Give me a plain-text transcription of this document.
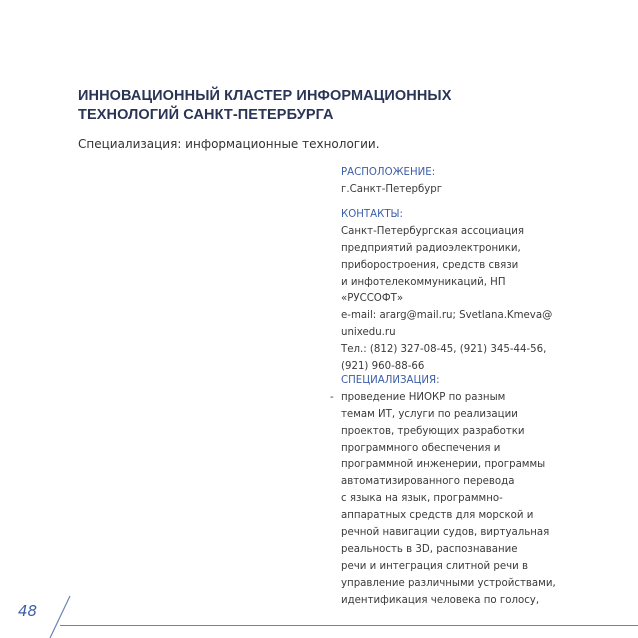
ИННОВАЦИОННЫЙ КЛАСТЕР ИНФОРМАЦИОННЫХ
ТЕХНОЛОГИЙ САНКТ-ПЕТЕРБУРГА
Специализация: информационные технологии.
РАСПОЛОЖЕНИЕ:
г.Санкт-Петербург
КОНТАКТЫ:
Санкт-Петербургская ассоциация
предприятий радиоэлектроники,
приборостроения, средств связи
и инфотелекоммуникаций, НП
«РУССОФТ»
e-mail: ararg@mail.ru; Svetlana.Kmeva@
unixedu.ru
Тел.: (812) 327-08-45, (921) 345-44-56,
(921) 960-88-66
-
СПЕЦИАЛИЗАЦИЯ:
проведение НИОКР по разным
темам ИТ, услуги по реализации
проектов, требующих разработки
программного обеспечения и
программной инженерии, программы
автоматизированного перевода
с языка на язык, программно-
аппаратных средств для морской и
речной навигации судов, виртуальная
реальность в 3D, распознавание
речи и интеграция слитной речи в
управление различными устройствами,
идентификация человека по голосу,
48
